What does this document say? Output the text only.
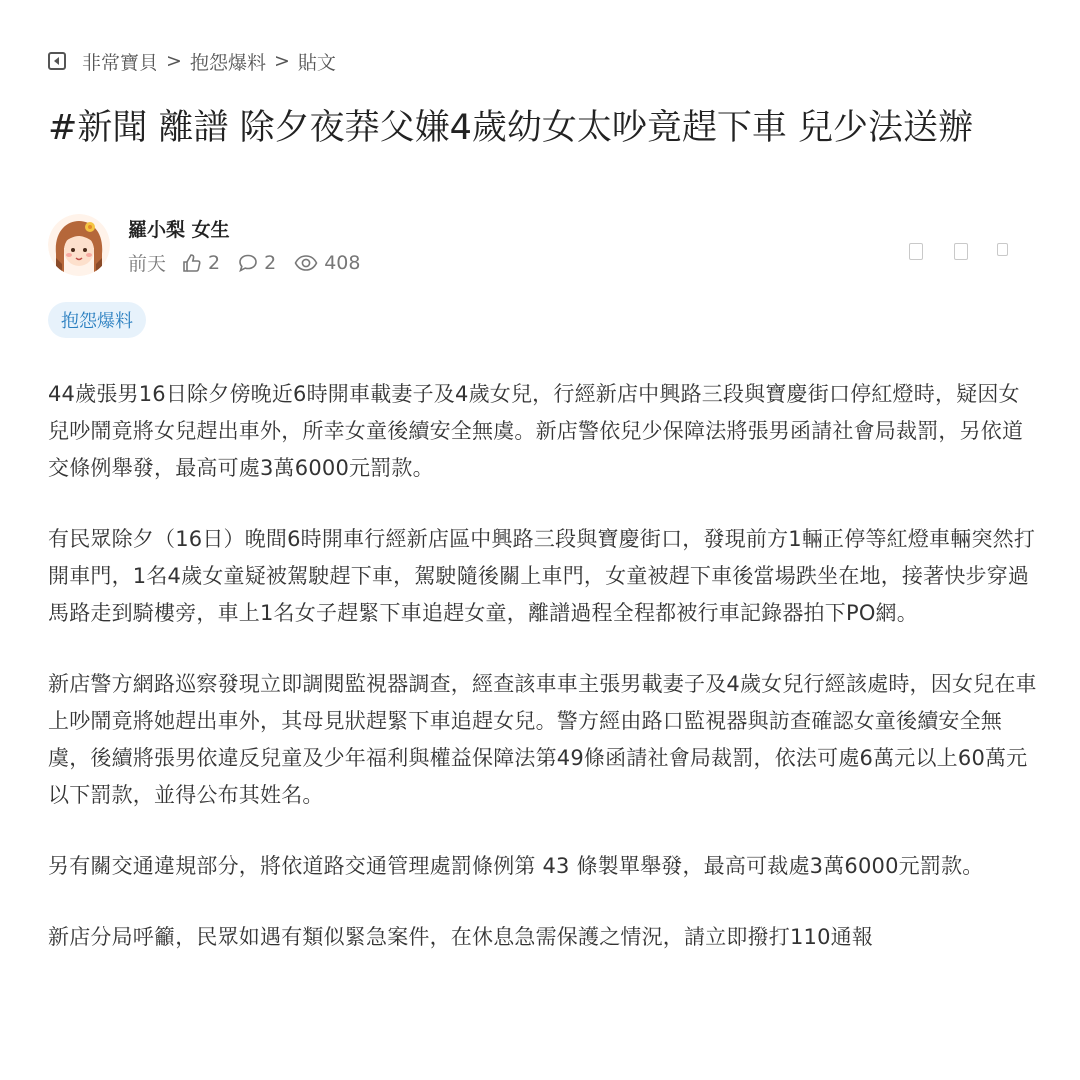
非常寶貝 > 抱怨爆料 > 貼文
#新聞 離譜 除夕夜莽父嫌4歲幼女太吵竟趕下車 兒少法送辦
羅小梨 女生
前天 2 2	408
抱怨爆料

44歲張男16日除夕傍晚近6時開車載妻子及4歲女兒，行經新店中興路三段與寶慶街口停紅燈時，疑因女兒吵鬧竟將女兒趕出車外，所幸女童後續安全無虞。新店警依兒少保障法將張男函請社會局裁罰，另依道交條例舉發，最高可處3萬6000元罰款。

有民眾除夕（16日）晚間6時開車行經新店區中興路三段與寶慶街口，發現前方1輛正停等紅燈車輛突然打開車門，1名4歲女童疑被駕駛趕下車，駕駛隨後關上車門，女童被趕下車後當場跌坐在地，接著快步穿過馬路走到騎樓旁，車上1名女子趕緊下車追趕女童，離譜過程全程都被行車記錄器拍下PO網。

新店警方網路巡察發現立即調閱監視器調查，經查該車車主張男載妻子及4歲女兒行經該處時，因女兒在車上吵鬧竟將她趕出車外，其母見狀趕緊下車追趕女兒。警方經由路口監視器與訪查確認女童後續安全無虞，後續將張男依違反兒童及少年福利與權益保障法第49條函請社會局裁罰，依法可處6萬元以上60萬元以下罰款，並得公布其姓名。

另有關交通違規部分，將依道路交通管理處罰條例第 43 條製單舉發，最高可裁處3萬6000元罰款。

新店分局呼籲，民眾如遇有類似緊急案件，在休息急需保護之情況，請立即撥打110通報
